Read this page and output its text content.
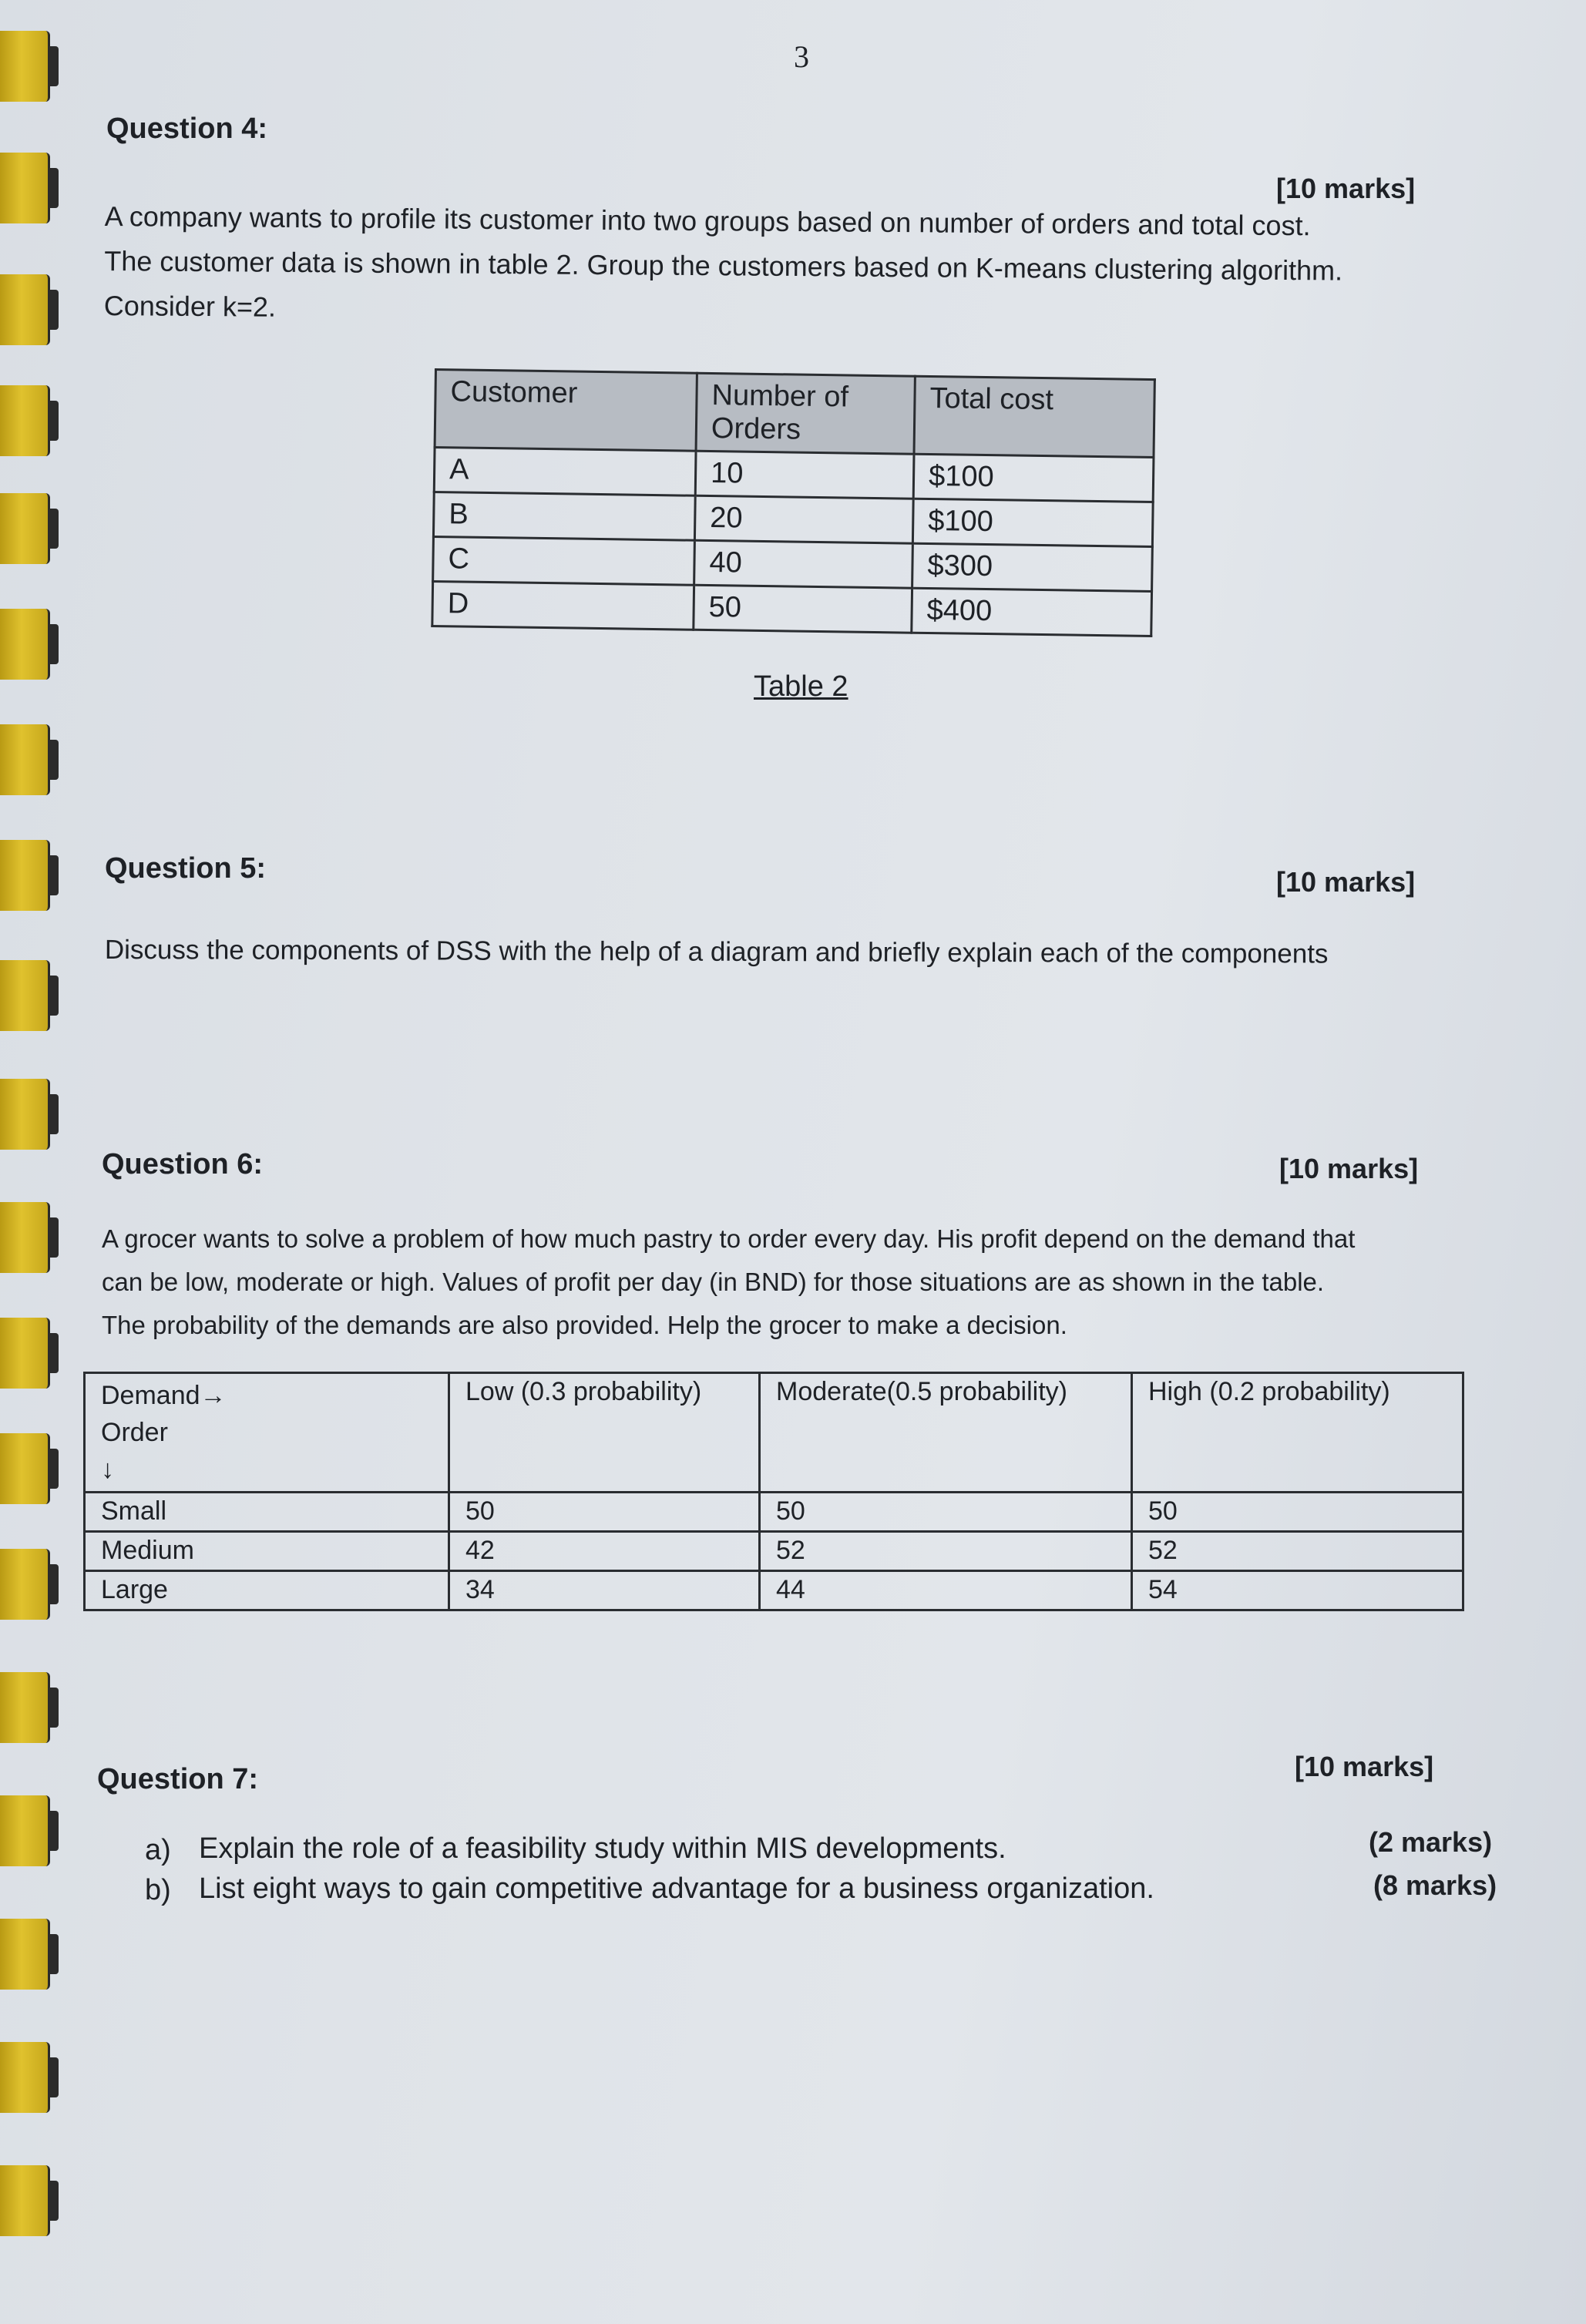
3
Question 4:
[10 marks]
A company wants to profile its customer into two groups based on number of orders and total cost.
The customer data is shown in table 2. Group the customers based on K-means clustering algorithm.
Consider k=2.
Customer	Number of Orders	Total cost
A	10	$100
B	20	$100
C	40	$300
D	50	$400
Table 2
Question 5:	[10 marks]
Discuss the components of DSS with the help of a diagram and briefly explain each of the components
Question 6:	[10 marks]
A grocer wants to solve a problem of how much pastry to order every day. His profit depend on the demand that
can be low, moderate or high. Values of profit per day (in BND) for those situations are as shown in the table.
The probability of the demands are also provided. Help the grocer to make a decision.
Demand→
Order
↓	Low (0.3 probability)	Moderate(0.5 probability)	High (0.2 probability)
Small	50	50	50
Medium	42	52	52
Large	34	44	54
Question 7:	[10 marks]
a) Explain the role of a feasibility study within MIS developments.	(2 marks)
b) List eight ways to gain competitive advantage for a business organization.	(8 marks)
